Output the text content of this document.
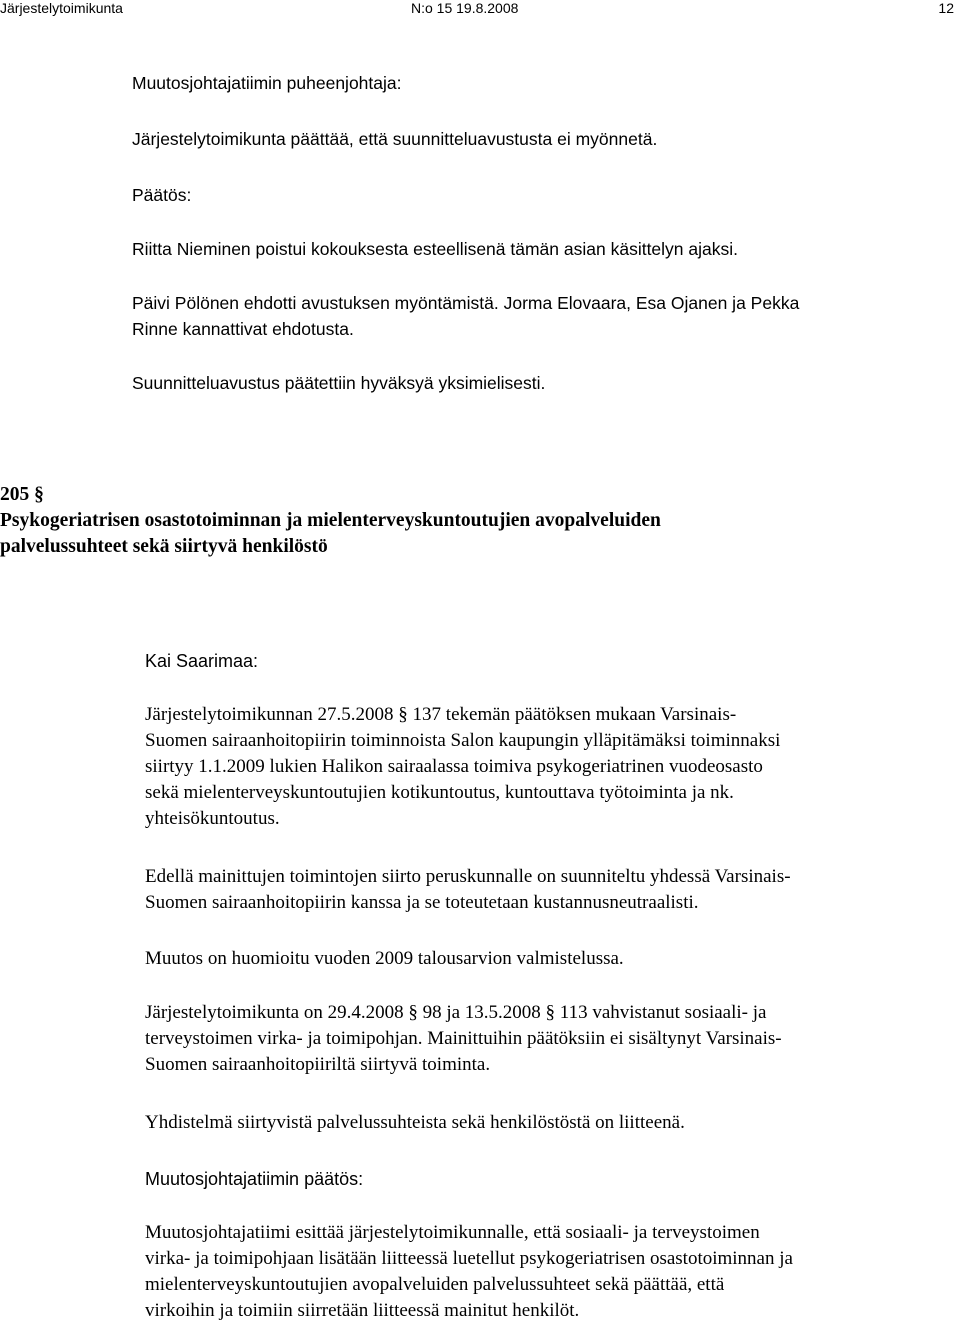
Järjestelytoimikunta	N:o 15 19.8.2008	12

Muutosjohtajatiimin puheenjohtaja:

Järjestelytoimikunta päättää, että suunnitteluavustusta ei myönnetä.

Päätös:

Riitta Nieminen poistui kokouksesta esteellisenä tämän asian käsittelyn ajaksi.

Päivi Pölönen ehdotti avustuksen myöntämistä. Jorma Elovaara, Esa Ojanen ja Pekka
Rinne kannattivat ehdotusta.

Suunnitteluavustus päätettiin hyväksyä yksimielisesti.

205 §

Psykogeriatrisen osastotoiminnan ja mielenterveyskuntoutujien avopalveluiden
palvelussuhteet sekä siirtyvä henkilöstö

Kai Saarimaa:

Järjestelytoimikunnan 27.5.2008 § 137 tekemän päätöksen mukaan Varsinais-
Suomen sairaanhoitopiirin toiminnoista Salon kaupungin ylläpitämäksi toiminnaksi
siirtyy 1.1.2009 lukien Halikon sairaalassa toimiva psykogeriatrinen vuodeosasto
sekä mielenterveyskuntoutujien kotikuntoutus, kuntouttava työtoiminta ja nk.
yhteisökuntoutus.

Edellä mainittujen toimintojen siirto peruskunnalle on suunniteltu yhdessä Varsinais-
Suomen sairaanhoitopiirin kanssa ja se toteutetaan kustannusneutraalisti.

Muutos on huomioitu vuoden 2009 talousarvion valmistelussa.

Järjestelytoimikunta on 29.4.2008 § 98 ja 13.5.2008 § 113 vahvistanut sosiaali- ja
terveystoimen virka- ja toimipohjan. Mainittuihin päätöksiin ei sisältynyt Varsinais-
Suomen sairaanhoitopiiriltä siirtyvä toiminta.

Yhdistelmä siirtyvistä palvelussuhteista sekä henkilöstöstä on liitteenä.

Muutosjohtajatiimin päätös:

Muutosjohtajatiimi esittää järjestelytoimikunnalle, että sosiaali- ja terveystoimen
virka- ja toimipohjaan lisätään liitteessä luetellut psykogeriatrisen osastotoiminnan ja
mielenterveyskuntoutujien avopalveluiden palvelussuhteet sekä päättää, että
virkoihin ja toimiin siirretään liitteessä mainitut henkilöt.
